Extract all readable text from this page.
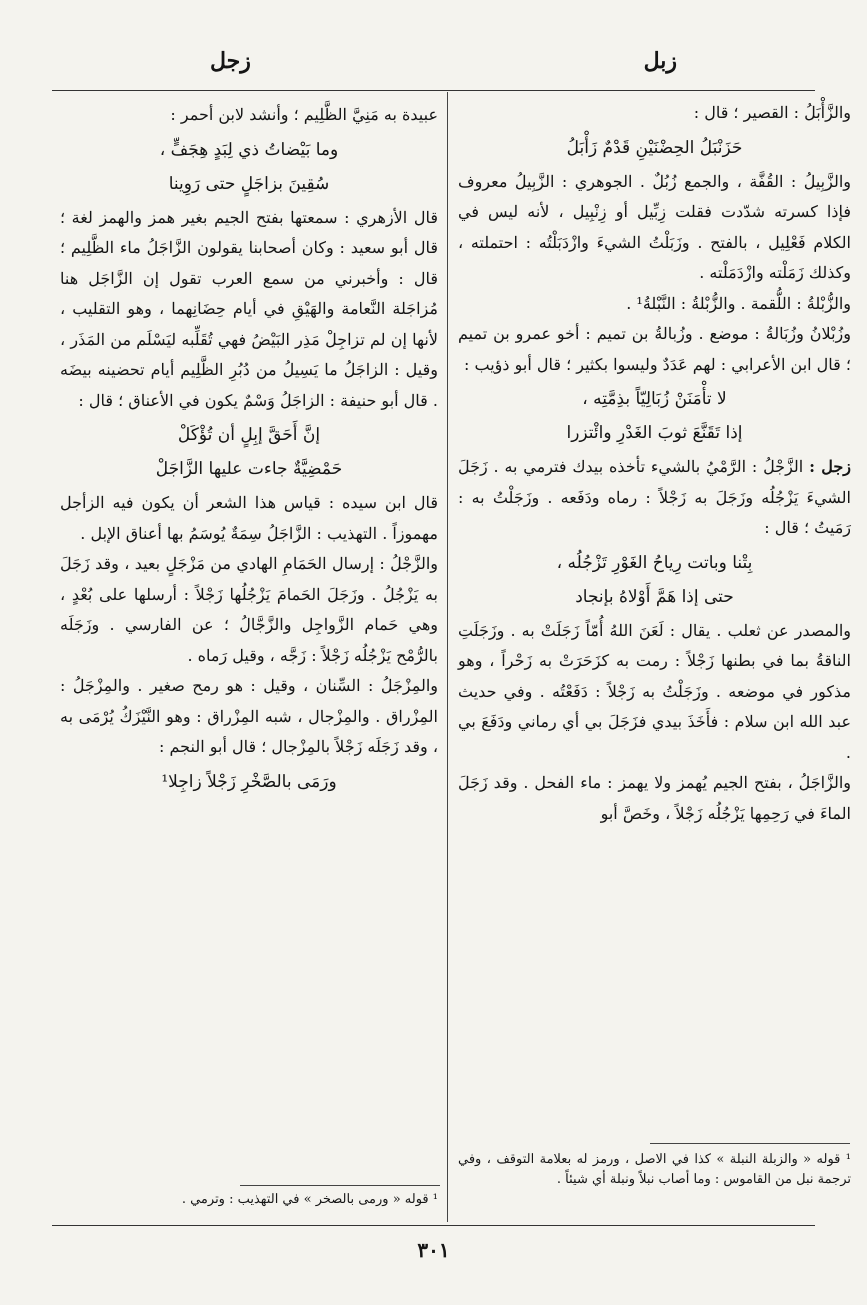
زبل
زجل

والزَّأْبَلُ : القصير ؛ قال :

حَزَنْبَلُ الحِضْنَيْنِ قَدْمٌ زَأْبَلُ

والزَّبِيلُ : القُفَّة ، والجمع زُبُلٌ . الجوهري : الزَّبِيلُ معروف فإذا كسرته شدّدت فقلت زِبِّيل أو زِنْبِيل ، لأنه ليس في الكلام فَعْلِيل ، بالفتح . وزَبَلْتُ الشيءَ وازْدَبَلْتُه : احتملته ، وكذلك زَمَلْته وازْدَمَلْته .

والزُّبْلةُ : اللُّقمة . والزُّبْلةُ : النَّبْلةُ¹ .

وزُبْلانُ وزُبَالةُ : موضع . وزُبالةُ بن تميم : أخو عمرو بن تميم ؛ قال ابن الأعرابي : لهم عَدَدٌ وليسوا بكثير ؛ قال أبو ذؤيب :

لا تأْمَنَنْ زُبَالِيّاً بذِمَّتِه ،
إذا تَقَنَّعَ ثوبَ الغَدْرِ وائْتزرا

زجل : الزَّجْلُ : الرَّمْيُ بالشيء تأخذه بيدك فترمي به . زَجَلَ الشيءَ يَزْجُلُه وزَجَلَ به زَجْلاً : رماه ودَفَعه . وزَجَلْتُ به : رَمَيتُ ؛ قال :

بِتْنا وباتت رِياحُ الغَوْرِ تَزْجُلُه ،
حتى إذا هَمَّ أَوْلاهُ بإنجاد

والمصدر عن ثعلب . يقال : لَعَنَ اللهُ أُمّاً زَجَلَتْ به . وزَجَلَتِ الناقةُ بما في بطنها زَجْلاً : رمت به كزَحَرَتْ به زَحْراً ، وهو مذكور في موضعه . وزَجَلْتُ به زَجْلاً : دَفَعْتُه . وفي حديث عبد الله ابن سلام : فأَخَذَ بيدي فزَجَلَ بي أي رماني ودَفَعَ بي .

والزَّاجَلُ ، بفتح الجيم يُهمز ولا يهمز : ماء الفحل . وقد زَجَلَ الماءَ في رَحِمِها يَزْجُلُه زَجْلاً ، وخَصَّ أبو

¹ قوله « والزبلة النبلة » كذا في الاصل ، ورمز له بعلامة التوقف ، وفي ترجمة نبل من القاموس : وما أصاب نبلاً ونبلة أي شيئاً .

عبيدة به مَنِيَّ الظَّلِيم ؛ وأنشد لابن أحمر :

وما بَيْضاتُ ذي لِبَدٍ هِجَفٍّ ،
سُقِينَ بزاجَلٍ حتى رَوِينا

قال الأزهري : سمعتها بفتح الجيم بغير همز والهمز لغة ؛ قال أبو سعيد : وكان أصحابنا يقولون الزَّاجَلُ ماء الظَّلِيم ؛ قال : وأخبرني من سمع العرب تقول إن الزَّاجَل هنا مُزاجَلة النَّعامة والهَيْقِ في أيام حِضَانِهما ، وهو التقليب ، لأنها إن لم تزاجِلْ مَذِر البَيْضُ فهي تُقَلِّبه ليَسْلَم من المَذَر ، وقيل : الزاجَلُ ما يَسِيلُ من دُبُرِ الظَّلِيم أيام تحضينه بيضَه . قال أبو حنيفة : الزاجَلُ وَسْمٌ يكون في الأعناق ؛ قال :

إنَّ أَحَقَّ إبِلٍ أن تُؤْكَلْ
حَمْضِيَّةٌ جاءت عليها الزَّاجَلْ

قال ابن سيده : قياس هذا الشعر أن يكون فيه الزأجل مهموزاً . التهذيب : الزَّاجَلُ سِمَةٌ يُوسَمُ بها أعناق الإبل .

والزَّجْلُ : إرسال الحَمَامِ الهادي من مَزْجَلٍ بعيد ، وقد زَجَلَ به يَزْجُلُ . وزَجَلَ الحَمامَ يَزْجُلُها زَجْلاً : أرسلها على بُعْدٍ ، وهي حَمام الزَّواجِل والزَّجَّالُ ؛ عن الفارسي . وزَجَلَه بالرُّمْح يَزْجُلُه زَجْلاً : زَجَّه ، وقيل رَماه .

والمِزْجَلُ : السِّنان ، وقيل : هو رمح صغير . والمِزْجَلُ : المِزْراق . والمِزْجال ، شبه المِزْراق : وهو النَّيْزَكُ يُرْمَى به ، وقد زَجَلَه زَجْلاً بالمِزْجال ؛ قال أبو النجم :

ورَمَى بالصَّخْرِ زَجْلاً زاجِلا¹
¹ قوله « ورمى بالصخر » في التهذيب : وترمي .
٣٠١
